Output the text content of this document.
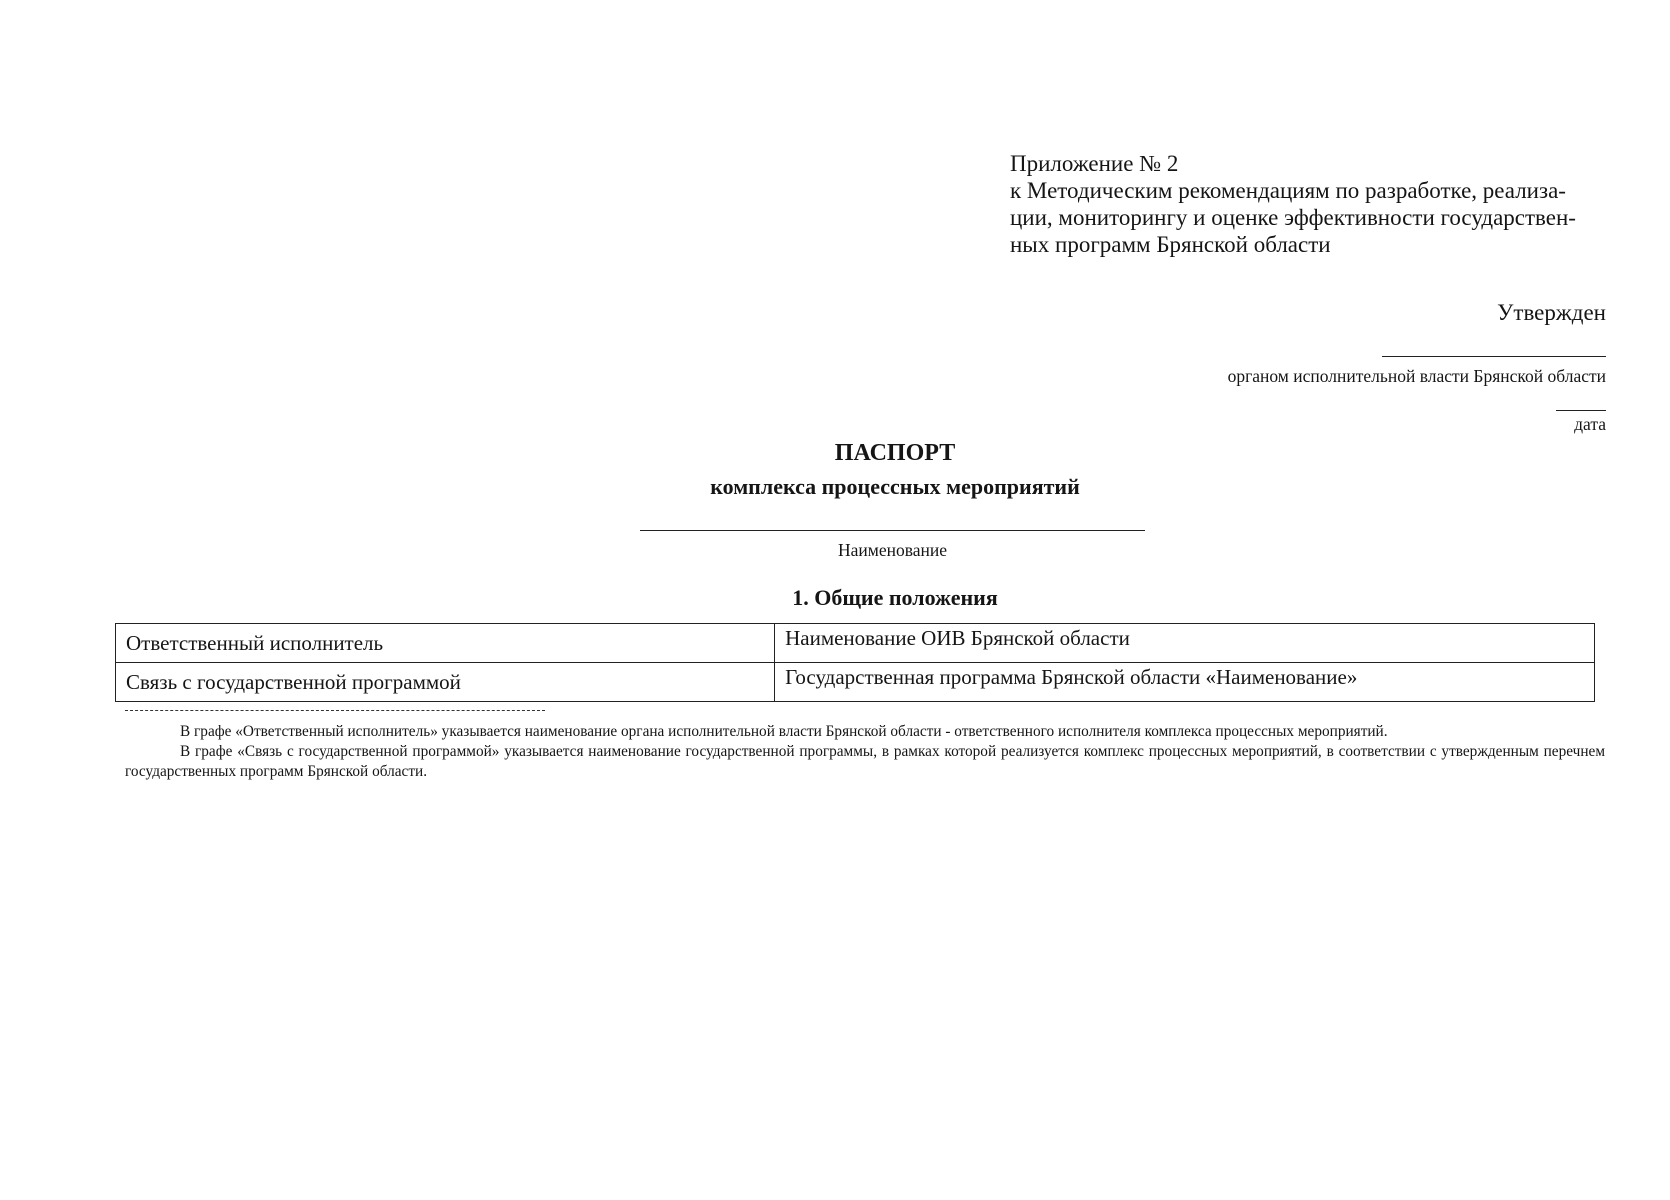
Приложение № 2
к Методическим рекомендациям по разработке, реализа-
ции, мониторингу и оценке эффективности государствен-
ных программ Брянской области
Утвержден
органом исполнительной власти Брянской области
дата
ПАСПОРТ
комплекса процессных мероприятий
Наименование
1. Общие положения
Ответственный исполнитель	Наименование ОИВ Брянской области
Связь с государственной программой	Государственная программа Брянской области «Наименование»

В графе «Ответственный исполнитель» указывается наименование органа исполнительной власти Брянской области - ответственного исполнителя комплекса процессных мероприятий.

В графе «Связь с государственной программой» указывается наименование государственной программы, в рамках которой реализуется комплекс процессных мероприятий, в соответствии с утвержденным перечнем государственных программ Брянской области.
